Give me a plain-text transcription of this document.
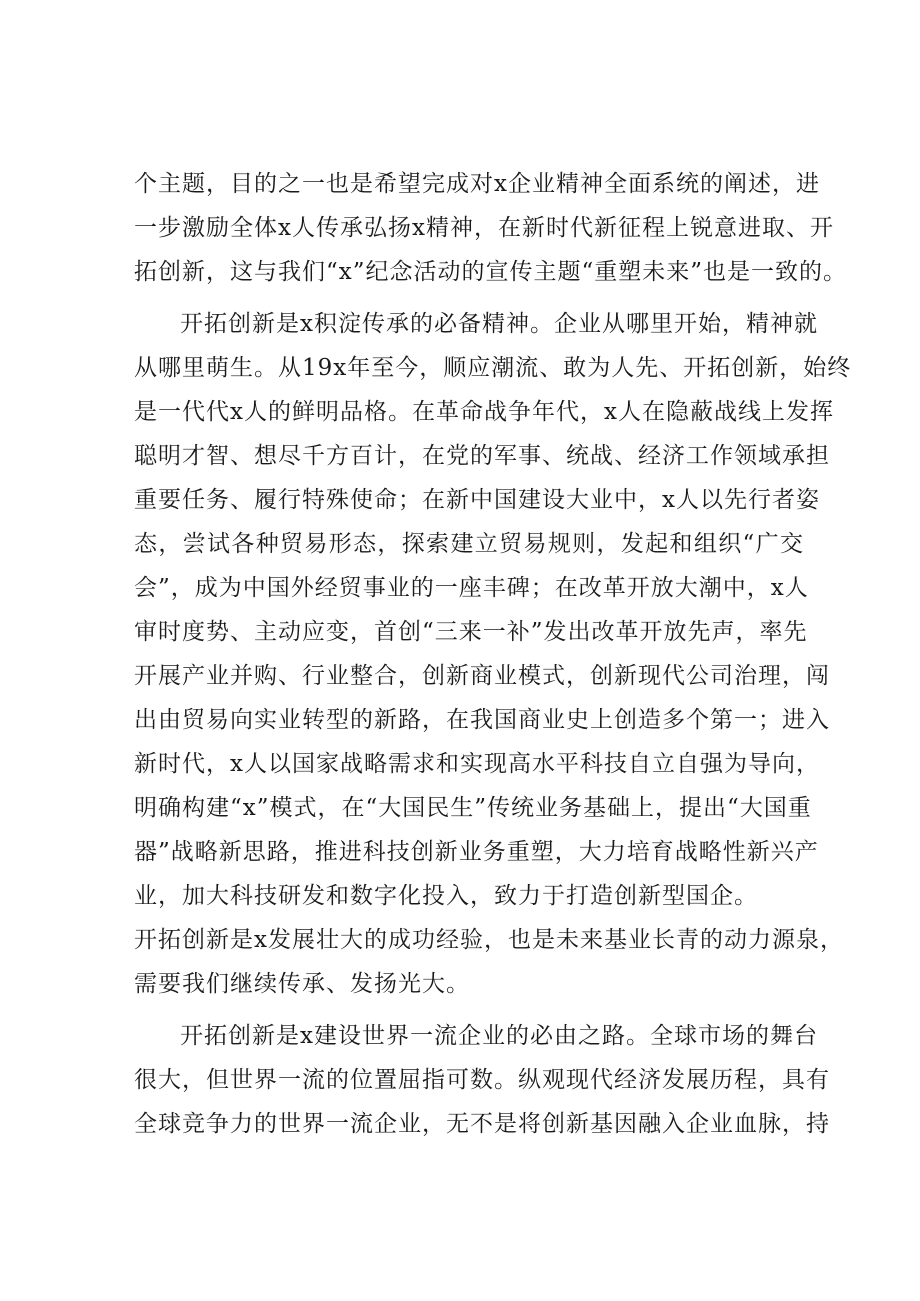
个主题，目的之一也是希望完成对x企业精神全面系统的阐述，进
一步激励全体x人传承弘扬x精神，在新时代新征程上锐意进取、开
拓创新，这与我们“x”纪念活动的宣传主题“重塑未来”也是一致的。
开拓创新是x积淀传承的必备精神。企业从哪里开始，精神就
从哪里萌生。从19x年至今，顺应潮流、敢为人先、开拓创新，始终
是一代代x人的鲜明品格。在革命战争年代，x人在隐蔽战线上发挥
聪明才智、想尽千方百计，在党的军事、统战、经济工作领域承担
重要任务、履行特殊使命；在新中国建设大业中，x人以先行者姿
态，尝试各种贸易形态，探索建立贸易规则，发起和组织“广交
会”，成为中国外经贸事业的一座丰碑；在改革开放大潮中，x人
审时度势、主动应变，首创“三来一补”发出改革开放先声，率先
开展产业并购、行业整合，创新商业模式，创新现代公司治理，闯
出由贸易向实业转型的新路，在我国商业史上创造多个第一；进入
新时代，x人以国家战略需求和实现高水平科技自立自强为导向，
明确构建“x”模式，在“大国民生”传统业务基础上，提出“大国重
器”战略新思路，推进科技创新业务重塑，大力培育战略性新兴产
业，加大科技研发和数字化投入，致力于打造创新型国企。
开拓创新是x发展壮大的成功经验，也是未来基业长青的动力源泉，
需要我们继续传承、发扬光大。
开拓创新是x建设世界一流企业的必由之路。全球市场的舞台
很大，但世界一流的位置屈指可数。纵观现代经济发展历程，具有
全球竞争力的世界一流企业，无不是将创新基因融入企业血脉，持
